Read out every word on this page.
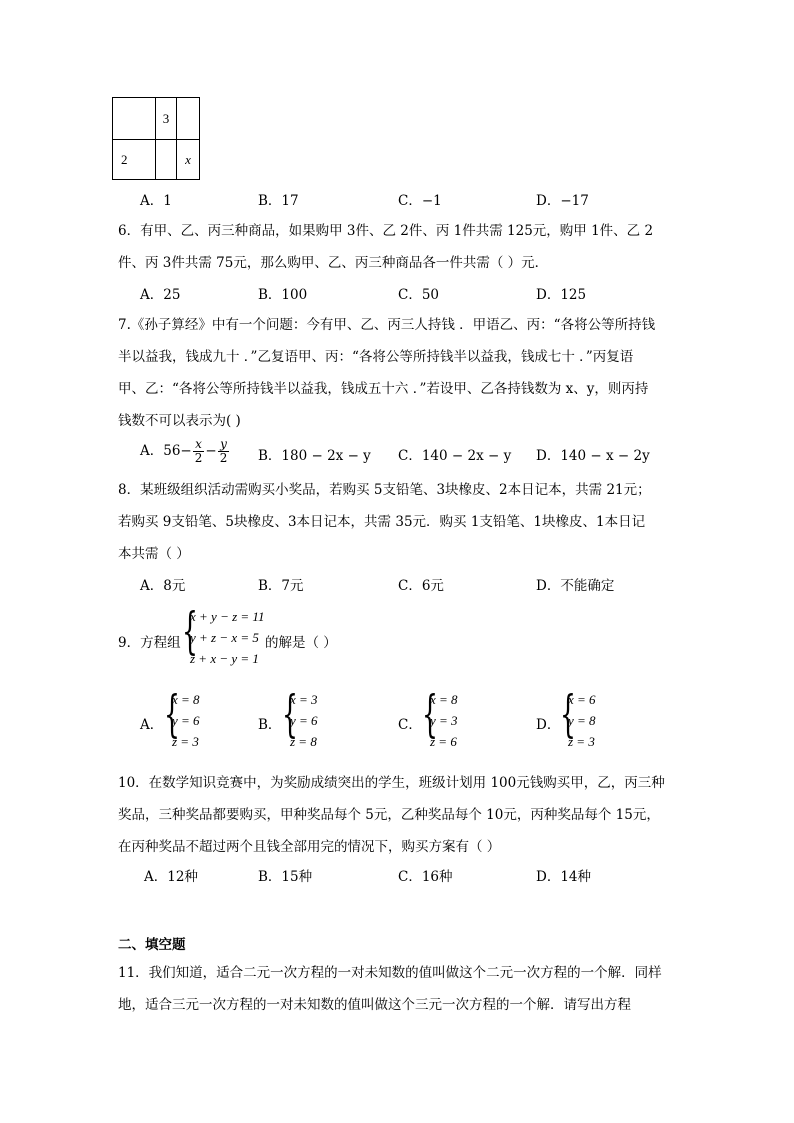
	3	
2		x
A．1	B．17	C．−1	D．−17
6．有甲、乙、丙三种商品，如果购甲 3件、乙 2件、丙 1件共需 125元，购甲 1件、乙 2
件、丙 3件共需 75元，那么购甲、乙、丙三种商品各一件共需（ ）元．
A．25	B．100	C．50	D．125
7.《孙子算经》中有一个问题：今有甲、乙、丙三人持钱 ．甲语乙、丙：“各将公等所持钱
半以益我，钱成九十 ．”乙复语甲、丙：“各将公等所持钱半以益我，钱成七十 ．”丙复语
甲、乙：“各将公等所持钱半以益我，钱成五十六 ．”若设甲、乙各持钱数为 x、y，则丙持
钱数不可以表示为( )
A．$56- \frac{x}{2} - \frac{y}{2}$ B．180 − 2x − y C．140 − 2x − y D．140 − x − 2y
8．某班级组织活动需购买小奖品，若购买 5支铅笔、3块橡皮、2本日记本，共需 21元；
若购买 9支铅笔、5块橡皮、3本日记本，共需 35元．购买 1支铅笔、1块橡皮、1本日记
本共需（ ）
A．8元	B．7元	C．6元	D．不能确定
9．方程组 {
x + y − z = 11
y + z − x = 5
z + x − y = 1
的解是（ ）
A． {
x = 8
y = 6
z = 3
B． {
x = 3
y = 6
z = 8
C． {
x = 8
y = 3
z = 6
D． {
x = 6
y = 8
z = 3
10．在数学知识竞赛中，为奖励成绩突出的学生，班级计划用 100元钱购买甲，乙，丙三种
奖品，三种奖品都要购买，甲种奖品每个 5元，乙种奖品每个 10元，丙种奖品每个 15元，
在丙种奖品不超过两个且钱全部用完的情况下，购买方案有（ ）
A．12种	B．15种	C．16种	D．14种
二、填空题
11．我们知道，适合二元一次方程的一对未知数的值叫做这个二元一次方程的一个解．同样
地，适合三元一次方程的一对未知数的值叫做这个三元一次方程的一个解．请写出方程
